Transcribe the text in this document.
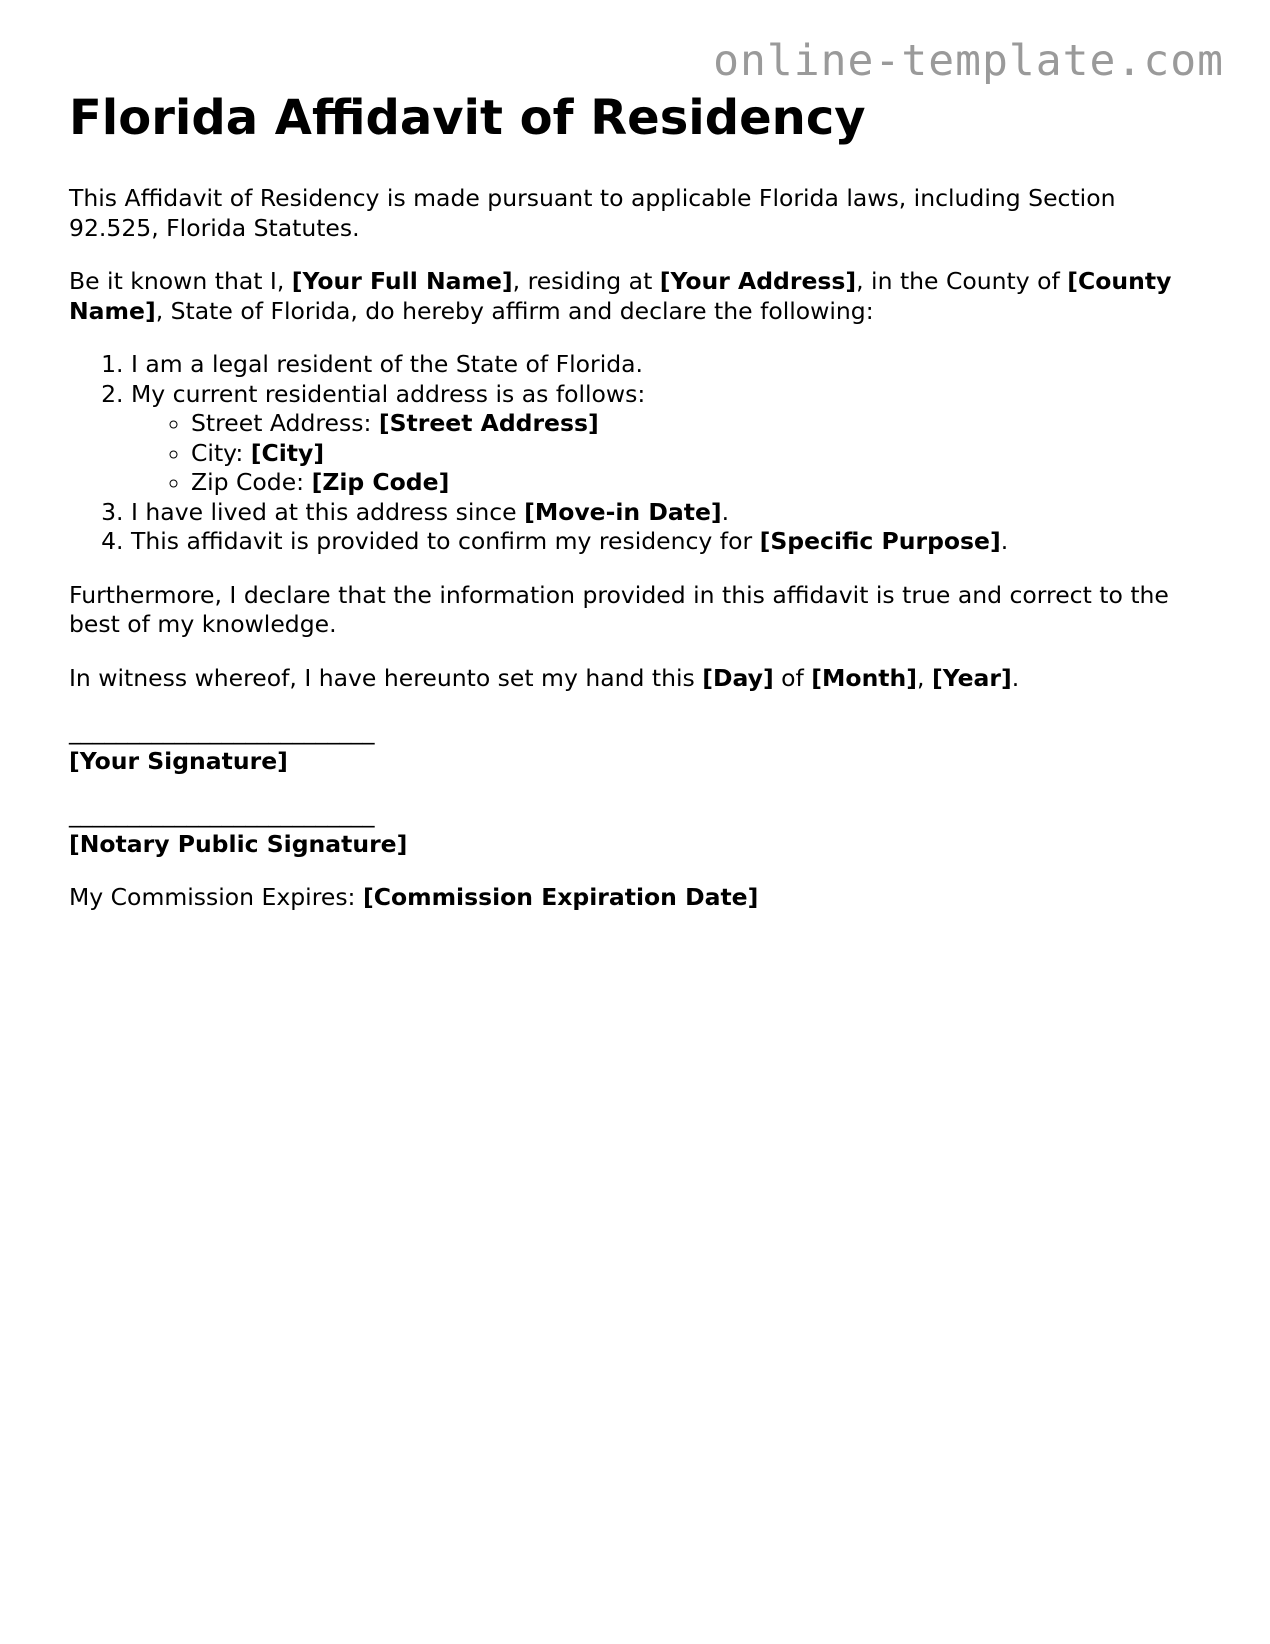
online-template.com
Florida Affidavit of Residency

This Affidavit of Residency is made pursuant to applicable Florida laws, including Section 92.525, Florida Statutes.

Be it known that I, [Your Full Name], residing at [Your Address], in the County of [County Name], State of Florida, do hereby affirm and declare the following:

1. I am a legal resident of the State of Florida.
2. My current residential address is as follows:
◦ Street Address: [Street Address]
◦ City: [City]
◦ Zip Code: [Zip Code]
3. I have lived at this address since [Move-in Date].
4. This affidavit is provided to confirm my residency for [Specific Purpose].

Furthermore, I declare that the information provided in this affidavit is true and correct to the best of my knowledge.

In witness whereof, I have hereunto set my hand this [Day] of [Month], [Year].

__________________________
[Your Signature]
__________________________
[Notary Public Signature]

My Commission Expires: [Commission Expiration Date]
